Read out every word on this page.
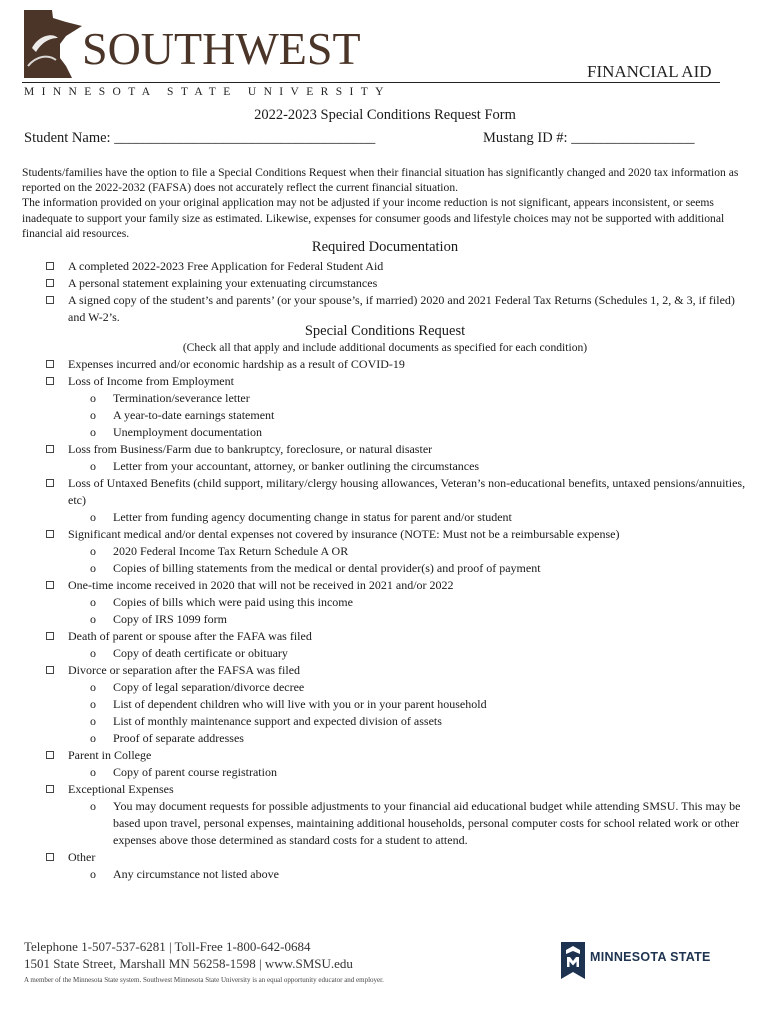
SOUTHWEST	FINANCIAL AID
MINNESOTA STATE UNIVERSITY
2022-2023 Special Conditions Request Form
Student Name: ____________________________________	Mustang ID #: _________________

Students/families have the option to file a Special Conditions Request when their financial situation has significantly changed and 2020 tax information as reported on the 2022-2032 (FAFSA) does not accurately reflect the current financial situation.

The information provided on your original application may not be adjusted if your income reduction is not significant, appears inconsistent, or seems inadequate to support your family size as estimated. Likewise, expenses for consumer goods and lifestyle choices may not be supported with additional financial aid resources.

Required Documentation
A completed 2022-2023 Free Application for Federal Student Aid
A personal statement explaining your extenuating circumstances
A signed copy of the student’s and parents’ (or your spouse’s, if married) 2020 and 2021 Federal Tax Returns (Schedules 1, 2, & 3, if filed) and W-2’s.
Special Conditions Request
(Check all that apply and include additional documents as specified for each condition)
Expenses incurred and/or economic hardship as a result of COVID-19
Loss of Income from Employment
o Termination/severance letter
o A year-to-date earnings statement
o Unemployment documentation
Loss from Business/Farm due to bankruptcy, foreclosure, or natural disaster
o Letter from your accountant, attorney, or banker outlining the circumstances
Loss of Untaxed Benefits (child support, military/clergy housing allowances, Veteran’s non-educational benefits, untaxed pensions/annuities, etc)
o Letter from funding agency documenting change in status for parent and/or student
Significant medical and/or dental expenses not covered by insurance (NOTE: Must not be a reimbursable expense)
o 2020 Federal Income Tax Return Schedule A OR
o Copies of billing statements from the medical or dental provider(s) and proof of payment
One-time income received in 2020 that will not be received in 2021 and/or 2022
o Copies of bills which were paid using this income
o Copy of IRS 1099 form
Death of parent or spouse after the FAFA was filed
o Copy of death certificate or obituary
Divorce or separation after the FAFSA was filed
o Copy of legal separation/divorce decree
o List of dependent children who will live with you or in your parent household
o List of monthly maintenance support and expected division of assets
o Proof of separate addresses
Parent in College
o Copy of parent course registration
Exceptional Expenses
o You may document requests for possible adjustments to your financial aid educational budget while attending SMSU. This may be based upon travel, personal expenses, maintaining additional households, personal computer costs for school related work or other expenses above those determined as standard costs for a student to attend.
Other
o Any circumstance not listed above
Telephone 1-507-537-6281 | Toll-Free 1-800-642-0684
1501 State Street, Marshall MN 56258-1598 | www.SMSU.edu
A member of the Minnesota State system. Southwest Minnesota State University is an equal opportunity educator and employer.
MINNESOTA STATE
